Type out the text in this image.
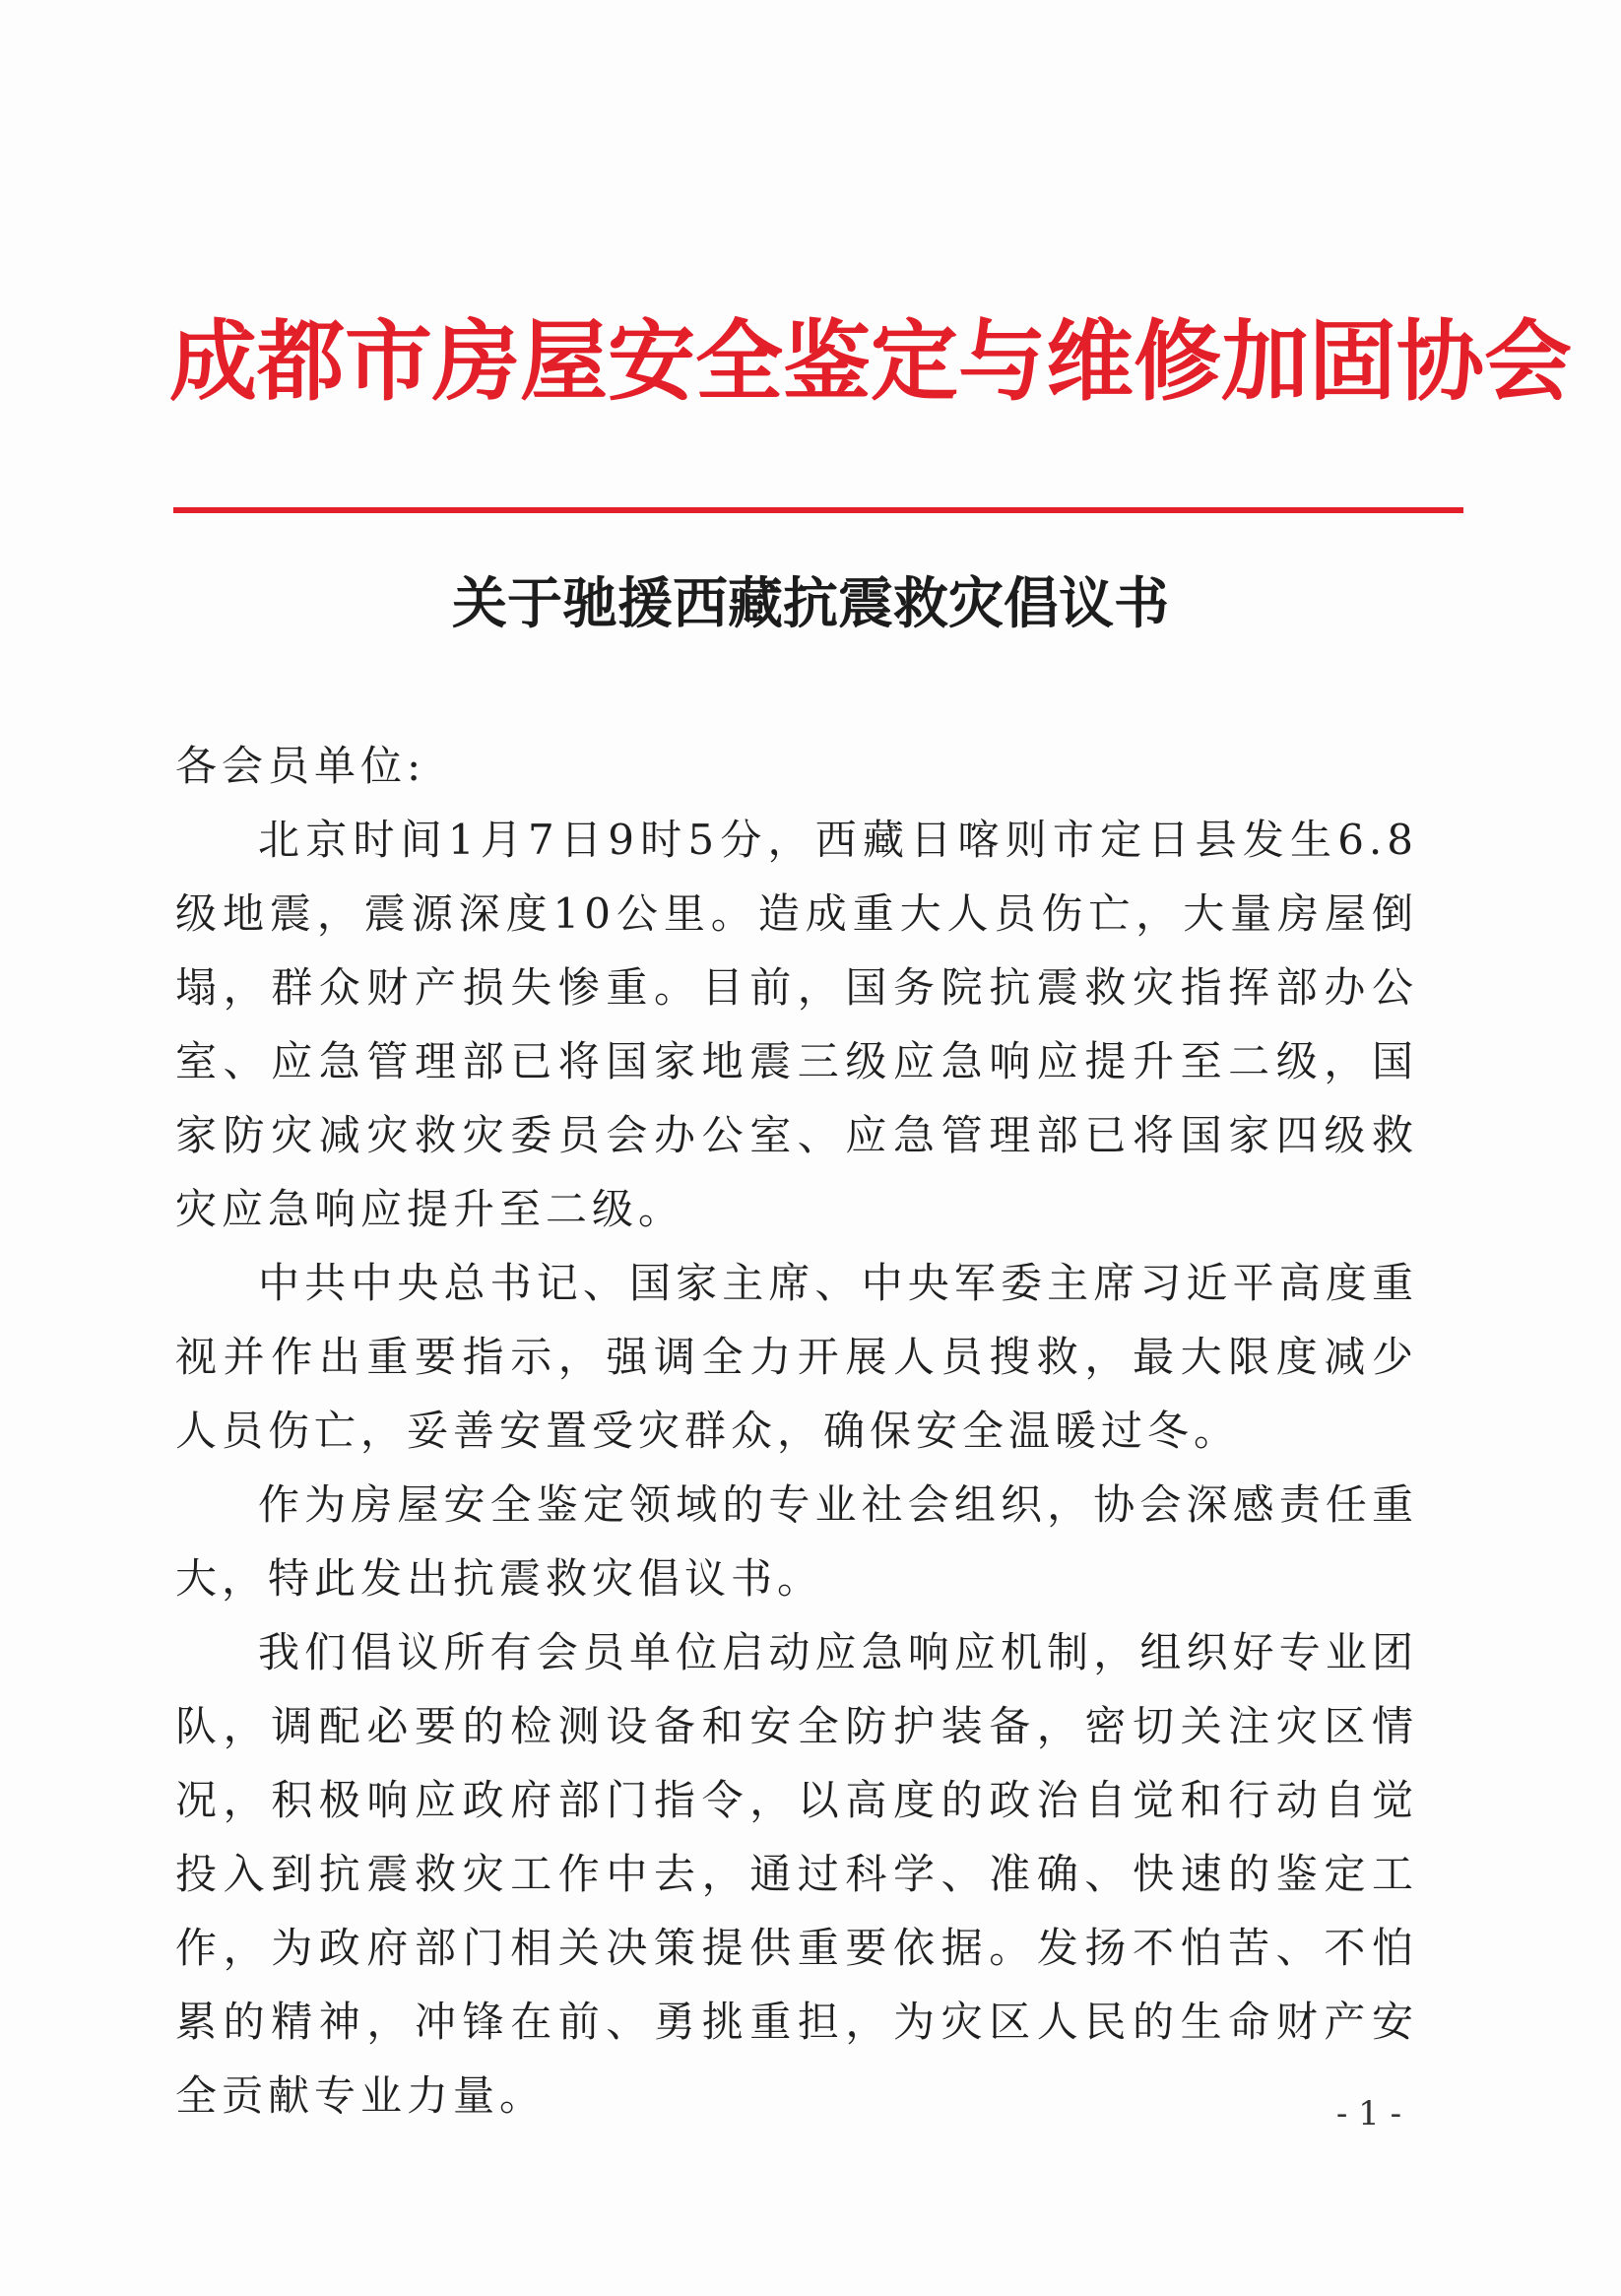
成都市房屋安全鉴定与维修加固协会
关于驰援西藏抗震救灾倡议书

各会员单位:

北京时间1月7日9时5分，西藏日喀则市定日县发生6.8级地震，震源深度10公里。造成重大人员伤亡，大量房屋倒塌，群众财产损失惨重。目前，国务院抗震救灾指挥部办公室、应急管理部已将国家地震三级应急响应提升至二级，国家防灾减灾救灾委员会办公室、应急管理部已将国家四级救灾应急响应提升至二级。

中共中央总书记、国家主席、中央军委主席习近平高度重视并作出重要指示，强调全力开展人员搜救，最大限度减少人员伤亡，妥善安置受灾群众，确保安全温暖过冬。

作为房屋安全鉴定领域的专业社会组织，协会深感责任重大，特此发出抗震救灾倡议书。

我们倡议所有会员单位启动应急响应机制，组织好专业团队，调配必要的检测设备和安全防护装备，密切关注灾区情况，积极响应政府部门指令，以高度的政治自觉和行动自觉投入到抗震救灾工作中去，通过科学、准确、快速的鉴定工作，为政府部门相关决策提供重要依据。发扬不怕苦、不怕累的精神，冲锋在前、勇挑重担，为灾区人民的生命财产安全贡献专业力量。	- 1 -
